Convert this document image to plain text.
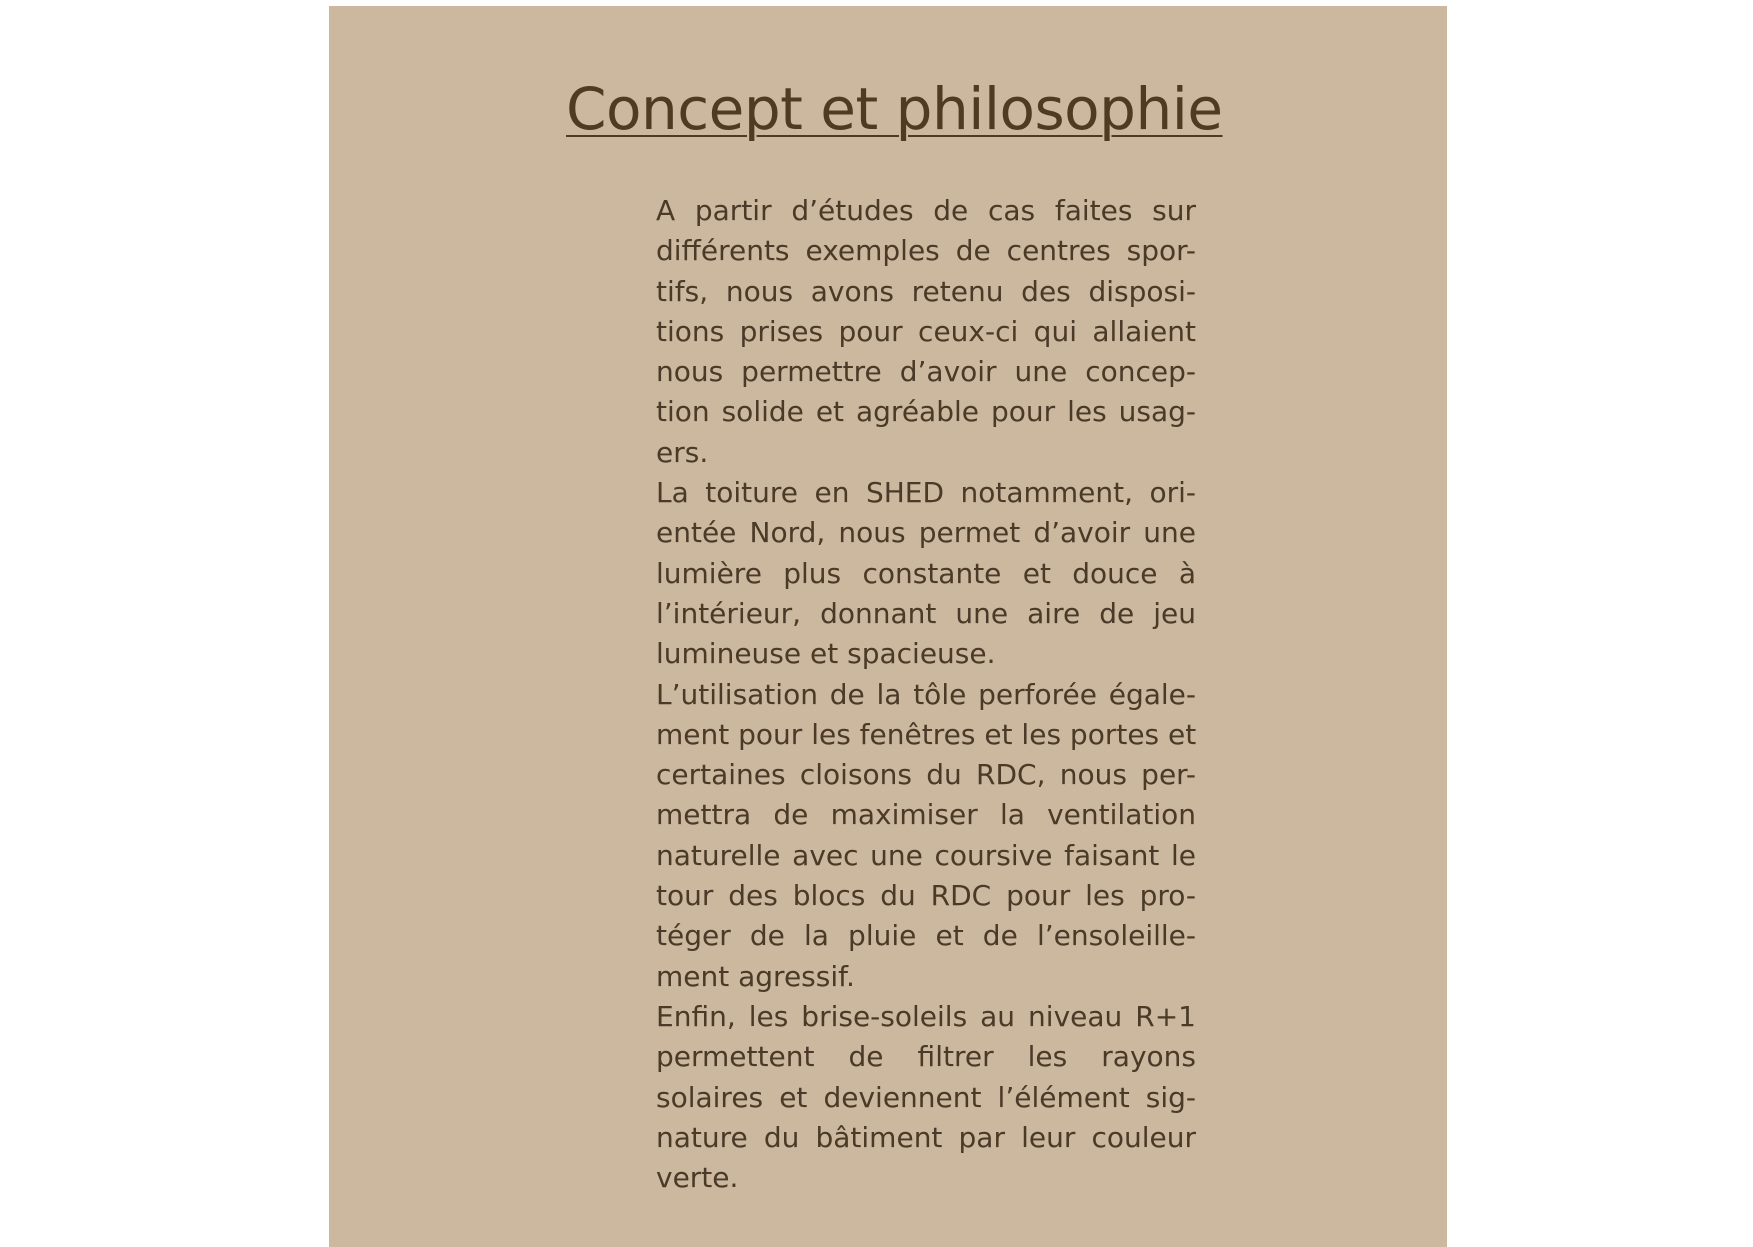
Concept et philosophie
A partir d’études de cas faites sur
différents exemples de centres spor-
tifs, nous avons retenu des disposi-
tions prises pour ceux-ci qui allaient
nous permettre d’avoir une concep-
tion solide et agréable pour les usag-
ers.
La toiture en SHED notamment, ori-
entée Nord, nous permet d’avoir une
lumière plus constante et douce à
l’intérieur, donnant une aire de jeu
lumineuse et spacieuse.
L’utilisation de la tôle perforée égale-
ment pour les fenêtres et les portes et
certaines cloisons du RDC, nous per-
mettra de maximiser la ventilation
naturelle avec une coursive faisant le
tour des blocs du RDC pour les pro-
téger de la pluie et de l’ensoleille-
ment agressif.
Enfin, les brise-soleils au niveau R+1
permettent de filtrer les rayons
solaires et deviennent l’élément sig-
nature du bâtiment par leur couleur
verte.
